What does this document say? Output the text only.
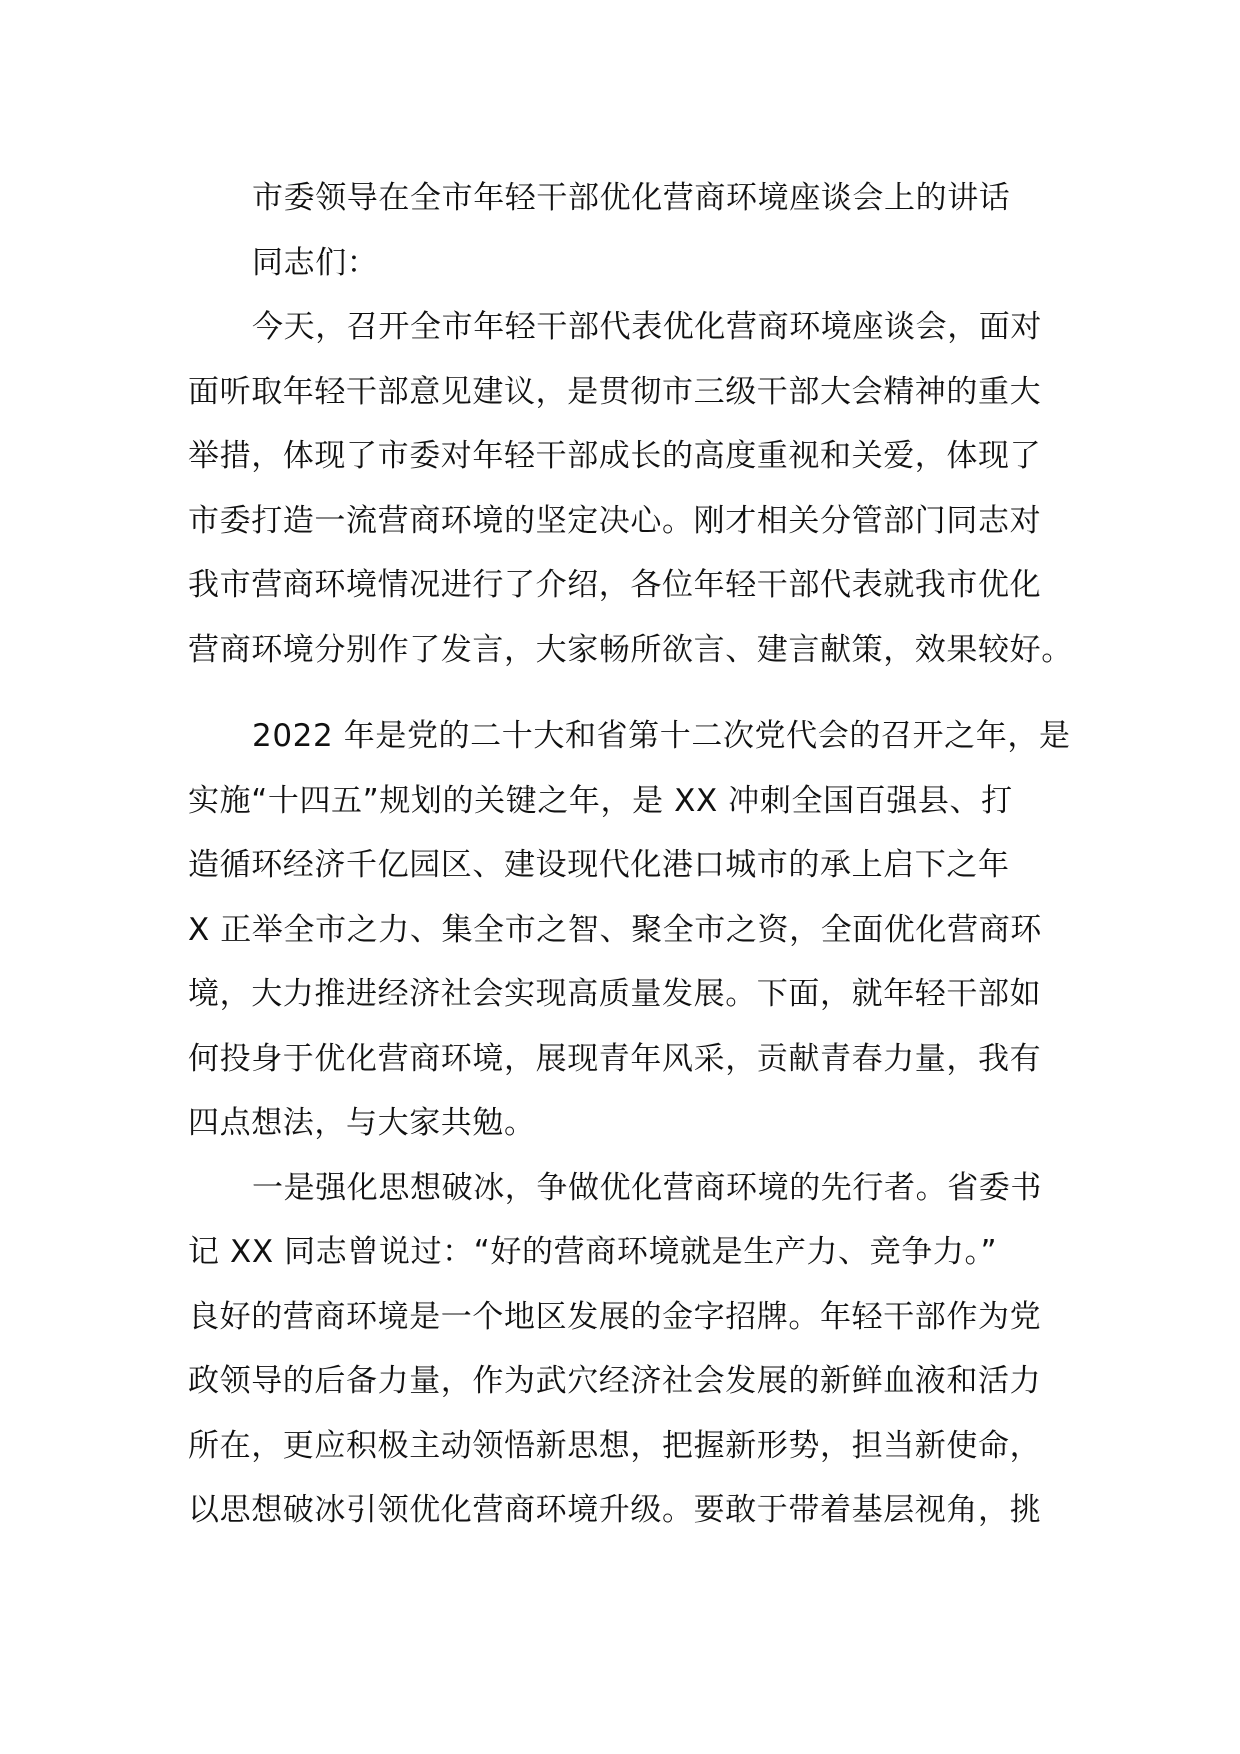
市委领导在全市年轻干部优化营商环境座谈会上的讲话
同志们：
今天，召开全市年轻干部代表优化营商环境座谈会，面对
面听取年轻干部意见建议，是贯彻市三级干部大会精神的重大
举措，体现了市委对年轻干部成长的高度重视和关爱，体现了
市委打造一流营商环境的坚定决心。刚才相关分管部门同志对
我市营商环境情况进行了介绍，各位年轻干部代表就我市优化
营商环境分别作了发言，大家畅所欲言、建言献策，效果较好。
2022 年是党的二十大和省第十二次党代会的召开之年，是
实施“十四五”规划的关键之年，是 XX 冲刺全国百强县、打
造循环经济千亿园区、建设现代化港口城市的承上启下之年
X 正举全市之力、集全市之智、聚全市之资，全面优化营商环
境，大力推进经济社会实现高质量发展。下面，就年轻干部如
何投身于优化营商环境，展现青年风采，贡献青春力量，我有
四点想法，与大家共勉。
一是强化思想破冰，争做优化营商环境的先行者。省委书
记 XX 同志曾说过：“好的营商环境就是生产力、竞争力。”
良好的营商环境是一个地区发展的金字招牌。年轻干部作为党
政领导的后备力量，作为武穴经济社会发展的新鲜血液和活力
所在，更应积极主动领悟新思想，把握新形势，担当新使命，
以思想破冰引领优化营商环境升级。要敢于带着基层视角，挑
